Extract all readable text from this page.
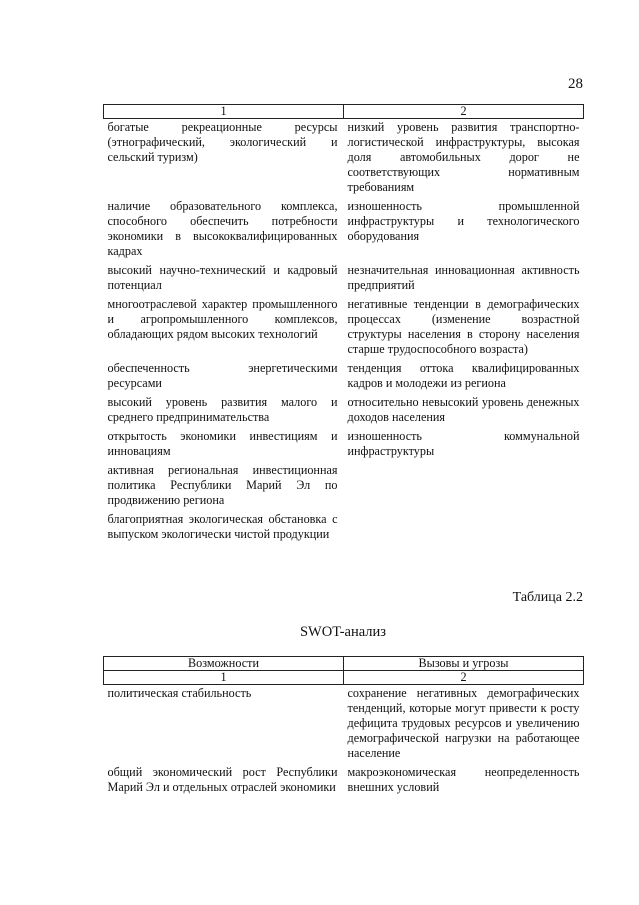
28
1	2
богатые рекреационные ресурсы (этнографический, экологический и сельский туризм)	низкий уровень развития транспортно-логистической инфраструктуры, высокая доля автомобильных дорог не соответствующих нормативным требованиям
наличие образовательного комплекса, способного обеспечить потребности экономики в высококвалифицированных кадрах	изношенность промышленной инфраструктуры и технологического оборудования
высокий научно-технический и кадровый потенциал	незначительная инновационная активность предприятий
многоотраслевой характер промышленного и агропромышленного комплексов, обладающих рядом высоких технологий	негативные тенденции в демографических процессах (изменение возрастной структуры населения в сторону населения старше трудоспособного возраста)
обеспеченность энергетическими ресурсами	тенденция оттока квалифицированных кадров и молодежи из региона
высокий уровень развития малого и среднего предпринимательства	относительно невысокий уровень денежных доходов населения
открытость экономики инвестициям и инновациям	изношенность коммунальной инфраструктуры
активная региональная инвестиционная политика Республики Марий Эл по продвижению региона	
благоприятная экологическая обстановка с выпуском экологически чистой продукции	
Таблица 2.2
SWOT-анализ
Возможности	Вызовы и угрозы
1	2
политическая стабильность	сохранение негативных демографических тенденций, которые могут привести к росту дефицита трудовых ресурсов и увеличению демографической нагрузки на работающее население
общий экономический рост Республики Марий Эл и отдельных отраслей экономики	макроэкономическая неопределенность внешних условий
